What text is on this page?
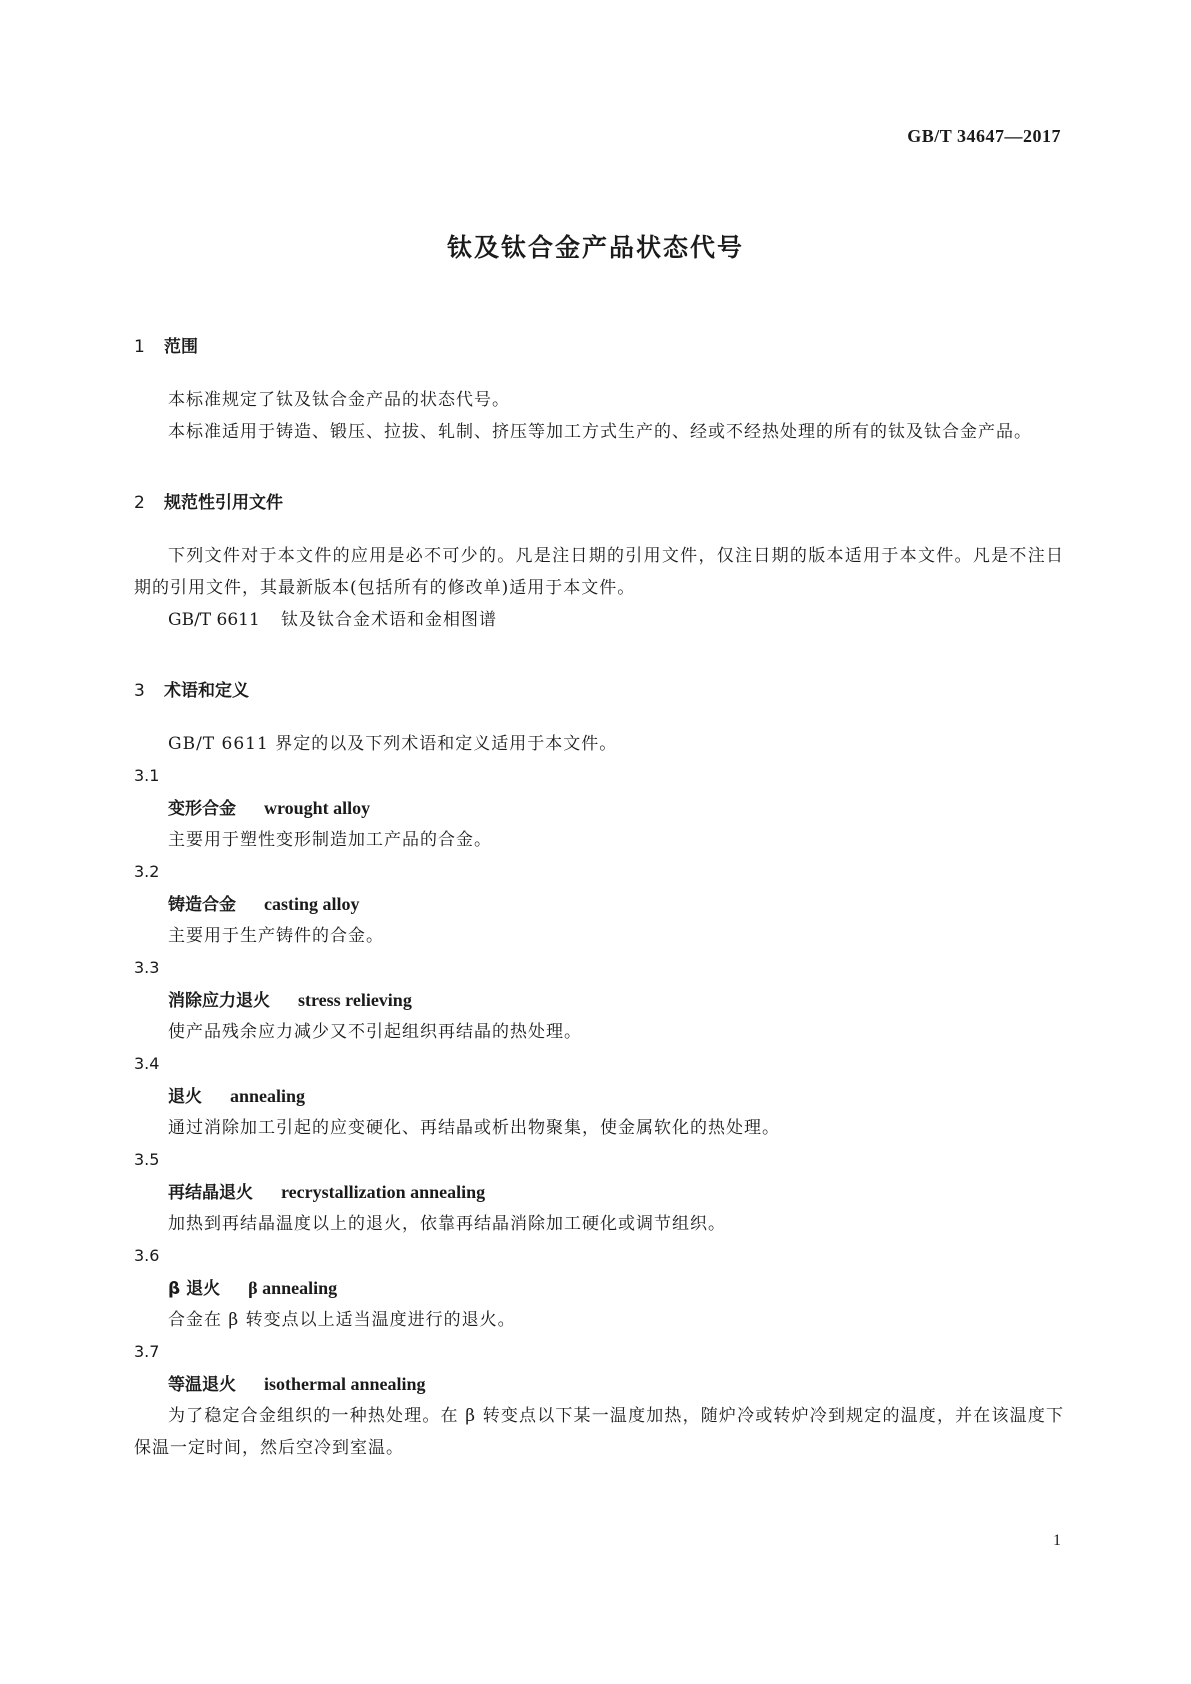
GB/T 34647—2017
钛及钛合金产品状态代号
1 范围
本标准规定了钛及钛合金产品的状态代号。
本标准适用于铸造、锻压、拉拔、轧制、挤压等加工方式生产的、经或不经热处理的所有的钛及钛合金产品。
2 规范性引用文件
下列文件对于本文件的应用是必不可少的。凡是注日期的引用文件，仅注日期的版本适用于本文件。凡是不注日期的引用文件，其最新版本(包括所有的修改单)适用于本文件。
GB/T 6611 钛及钛合金术语和金相图谱
3 术语和定义
GB/T 6611 界定的以及下列术语和定义适用于本文件。
3.1
变形合金 wrought alloy
主要用于塑性变形制造加工产品的合金。
3.2
铸造合金 casting alloy
主要用于生产铸件的合金。
3.3
消除应力退火 stress relieving
使产品残余应力减少又不引起组织再结晶的热处理。
3.4
退火 annealing
通过消除加工引起的应变硬化、再结晶或析出物聚集，使金属软化的热处理。
3.5
再结晶退火 recrystallization annealing
加热到再结晶温度以上的退火，依靠再结晶消除加工硬化或调节组织。
3.6
β 退火 β annealing
合金在 β 转变点以上适当温度进行的退火。
3.7
等温退火 isothermal annealing
为了稳定合金组织的一种热处理。在 β 转变点以下某一温度加热，随炉冷或转炉冷到规定的温度，并在该温度下保温一定时间，然后空冷到室温。
1
